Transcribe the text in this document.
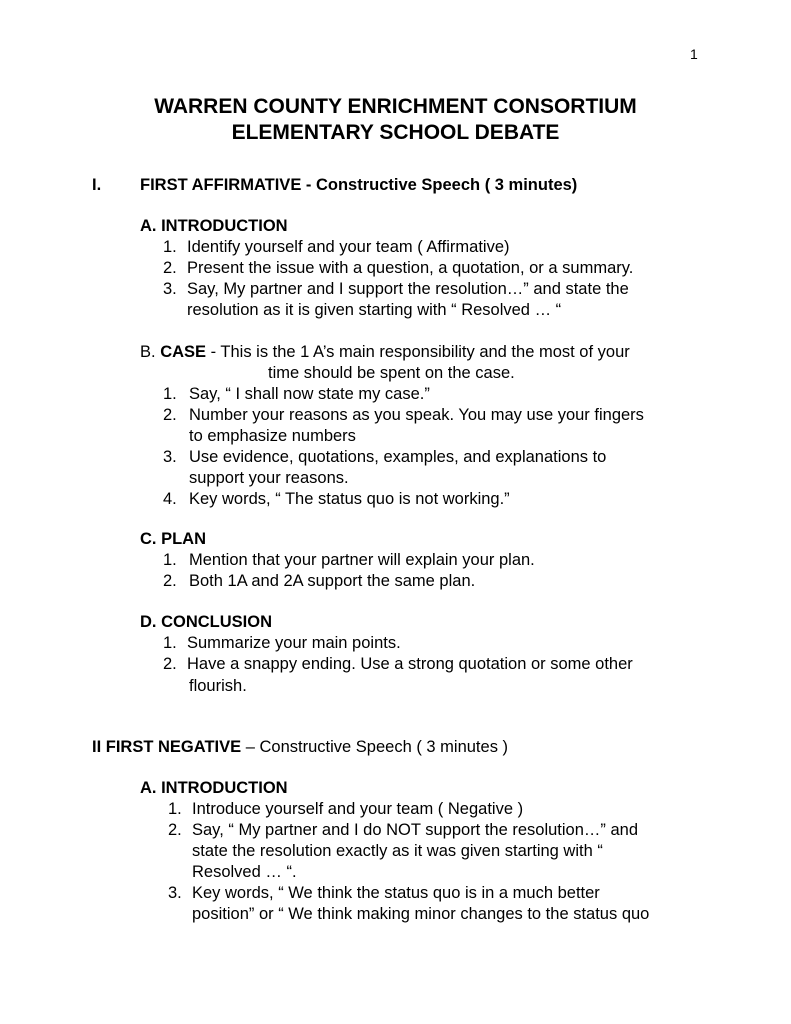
1
WARREN COUNTY ENRICHMENT CONSORTIUM
ELEMENTARY SCHOOL DEBATE
I. FIRST AFFIRMATIVE - Constructive Speech ( 3 minutes)
A. INTRODUCTION
1. Identify yourself and your team ( Affirmative)
2. Present the issue with a question, a quotation, or a summary.
3. Say, My partner and I support the resolution…” and state the
resolution as it is given starting with “ Resolved … “
B. CASE - This is the 1 A’s main responsibility and the most of your
time should be spent on the case.
1. Say, “ I shall now state my case.”
2. Number your reasons as you speak. You may use your fingers
to emphasize numbers
3. Use evidence, quotations, examples, and explanations to
support your reasons.
4. Key words, “ The status quo is not working.”
C. PLAN
1. Mention that your partner will explain your plan.
2. Both 1A and 2A support the same plan.
D. CONCLUSION
1. Summarize your main points.
2. Have a snappy ending. Use a strong quotation or some other
flourish.
II FIRST NEGATIVE – Constructive Speech ( 3 minutes )
A. INTRODUCTION
1. Introduce yourself and your team ( Negative )
2. Say, “ My partner and I do NOT support the resolution…” and
state the resolution exactly as it was given starting with “
Resolved … “.
3. Key words, “ We think the status quo is in a much better
position” or “ We think making minor changes to the status quo
